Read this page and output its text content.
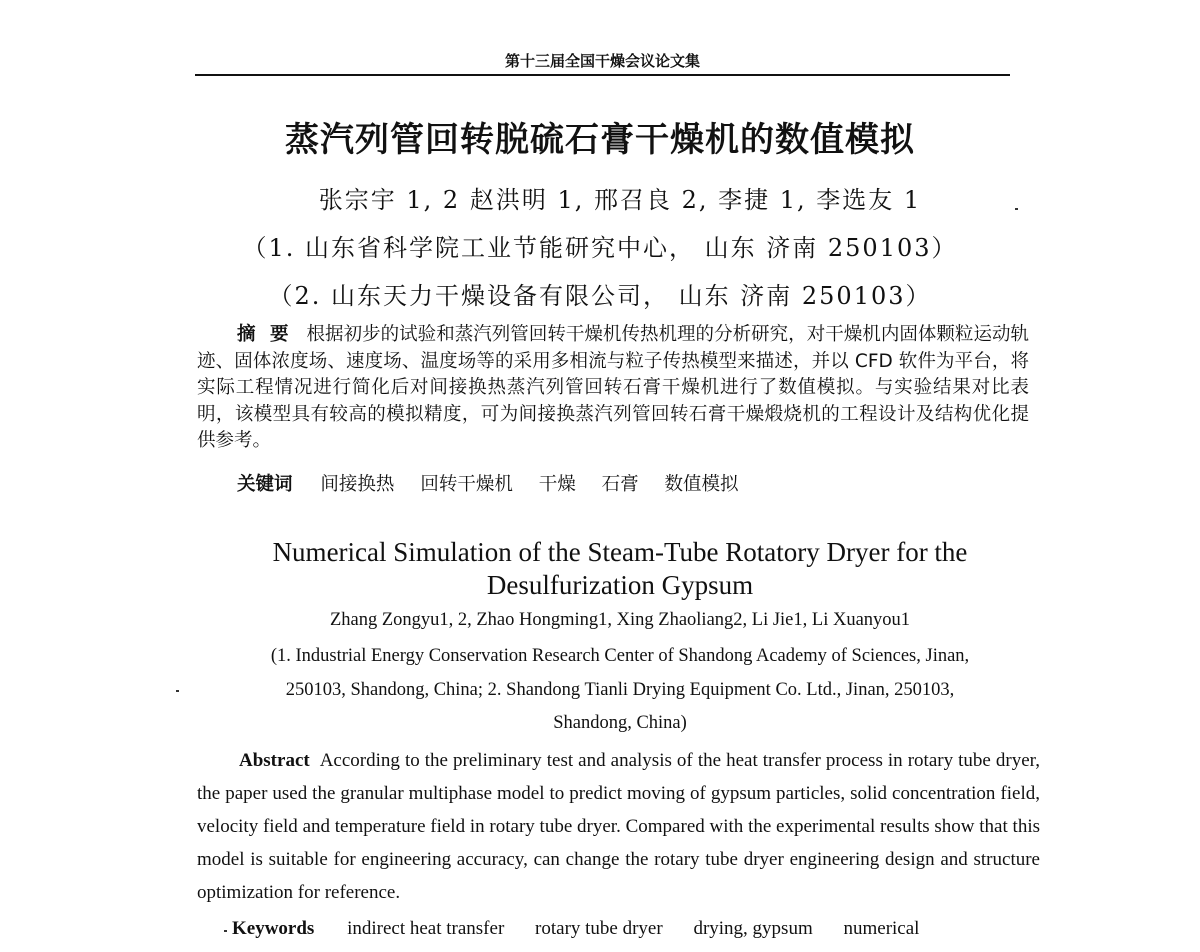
第十三届全国干燥会议论文集
蒸汽列管回转脱硫石膏干燥机的数值模拟
张宗宇 1, 2 赵洪明 1, 邢召良 2, 李捷 1, 李选友 1
（1. 山东省科学院工业节能研究中心， 山东 济南 250103）
（2. 山东天力干燥设备有限公司， 山东 济南 250103）
摘 要 根据初步的试验和蒸汽列管回转干燥机传热机理的分析研究，对干燥机内固体颗粒运动轨迹、固体浓度场、速度场、温度场等的采用多相流与粒子传热模型来描述，并以 CFD 软件为平台，将实际工程情况进行简化后对间接换热蒸汽列管回转石膏干燥机进行了数值模拟。与实验结果对比表明，该模型具有较高的模拟精度，可为间接换蒸汽列管回转石膏干燥煅烧机的工程设计及结构优化提供参考。
关键词 间接换热 回转干燥机 干燥 石膏 数值模拟
Numerical Simulation of the Steam-Tube Rotatory Dryer for the Desulfurization Gypsum
Zhang Zongyu1, 2, Zhao Hongming1, Xing Zhaoliang2, Li Jie1, Li Xuanyou1
(1. Industrial Energy Conservation Research Center of Shandong Academy of Sciences, Jinan,
250103, Shandong, China; 2. Shandong Tianli Drying Equipment Co. Ltd., Jinan, 250103,
Shandong, China)
Abstract According to the preliminary test and analysis of the heat transfer process in rotary tube dryer, the paper used the granular multiphase model to predict moving of gypsum particles, solid concentration field, velocity field and temperature field in rotary tube dryer. Compared with the experimental results show that this model is suitable for engineering accuracy, can change the rotary tube dryer engineering design and structure optimization for reference.
Keywords indirect heat transfer rotary tube dryer drying, gypsum numerical
